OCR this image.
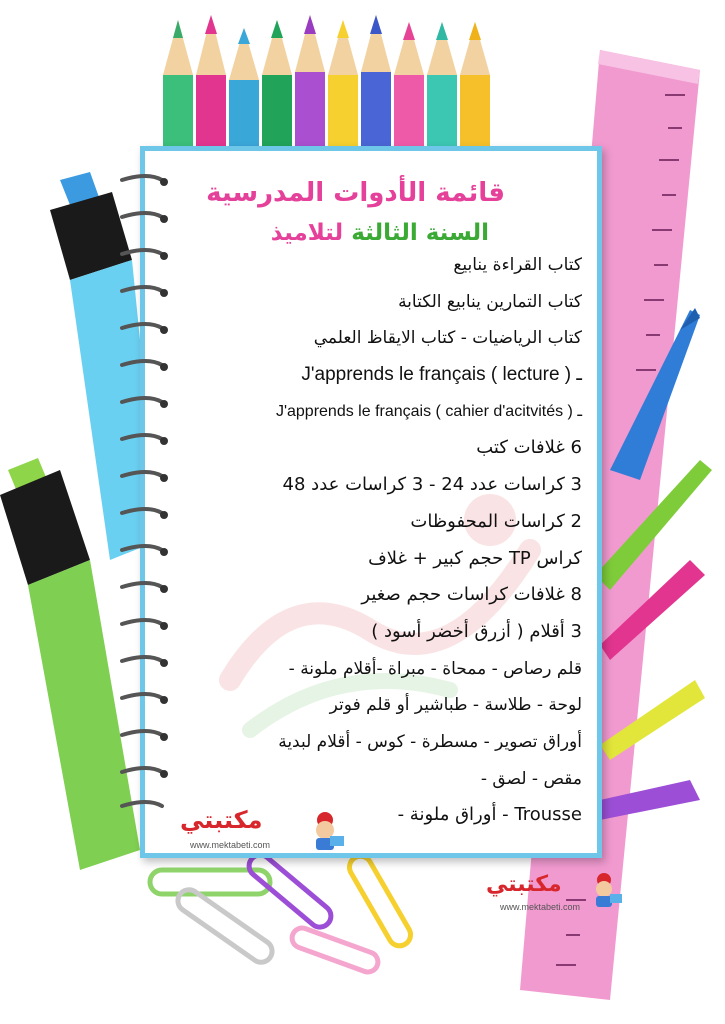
قائمة الأدوات المدرسية
السنة الثالثة لتلاميذ
كتاب القراءة ينابيع
كتاب التمارين ينابيع الكتابة
كتاب الرياضيات - كتاب الايقاظ العلمي
J'apprends le français ( lecture ) ـ
J'apprends le français ( cahier d'acitvités ) ـ
6 غلافات كتب
3 كراسات عدد 24 - 3 كراسات عدد 48
2 كراسات المحفوظات
كراس TP حجم كبير + غلاف
8 غلافات كراسات حجم صغير
3 أقلام ( أزرق أخضر أسود )
قلم رصاص - ممحاة - مبراة -أقلام ملونة -
لوحة - طلاسة - طباشير أو قلم فوتر
أوراق تصوير - مسطرة - كوس - أقلام لبدية
مقص - لصق -
Trousse - أوراق ملونة -
مكتبتي
www.mektabeti.com
مكتبتي
www.mektabeti.com
